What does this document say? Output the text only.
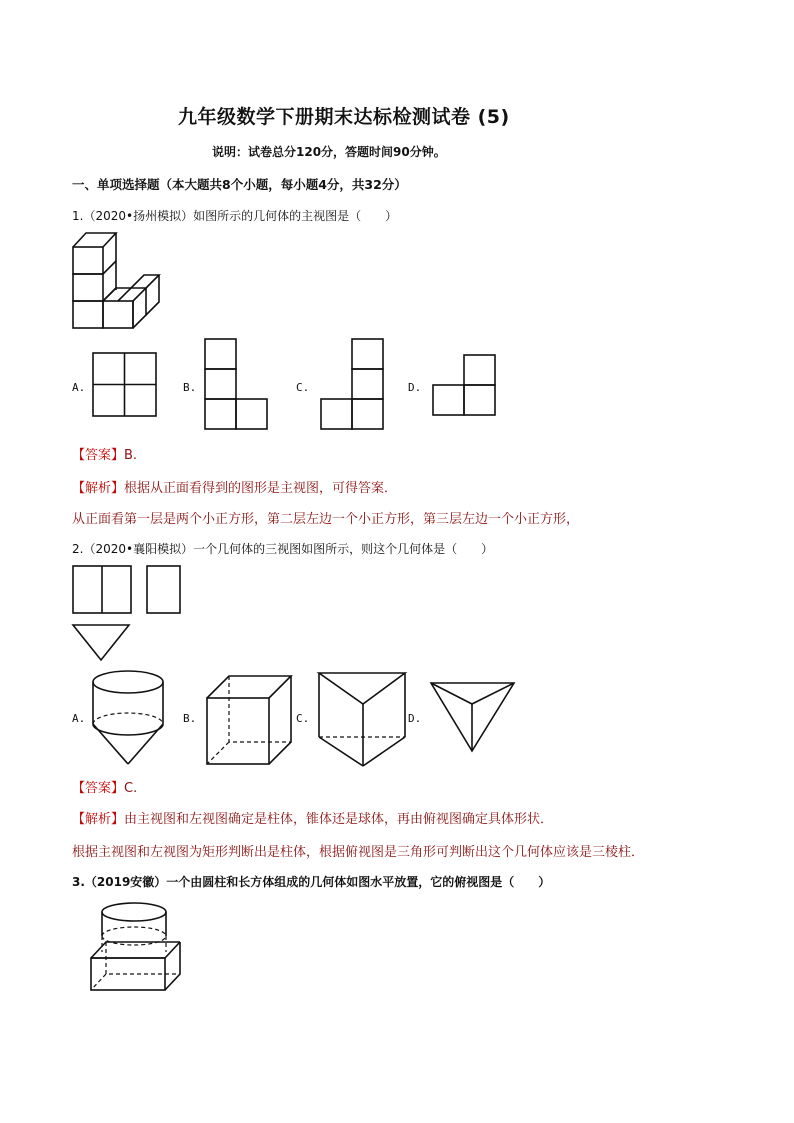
九年级数学下册期末达标检测试卷 (5)
说明：试卷总分120分，答题时间90分钟。
一、单项选择题（本大题共8个小题，每小题4分，共32分）
1.（2020•扬州模拟）如图所示的几何体的主视图是（　　）
A.	B.	C.	D.
【答案】B.
【解析】根据从正面看得到的图形是主视图，可得答案．
从正面看第一层是两个小正方形，第二层左边一个小正方形，第三层左边一个小正方形，
2.（2020•襄阳模拟）一个几何体的三视图如图所示，则这个几何体是（　　）
A.	B.	C.	D.
【答案】C.
【解析】由主视图和左视图确定是柱体，锥体还是球体，再由俯视图确定具体形状．
根据主视图和左视图为矩形判断出是柱体，根据俯视图是三角形可判断出这个几何体应该是三棱柱．
3.（2019安徽）一个由圆柱和长方体组成的几何体如图水平放置，它的俯视图是（　　）
